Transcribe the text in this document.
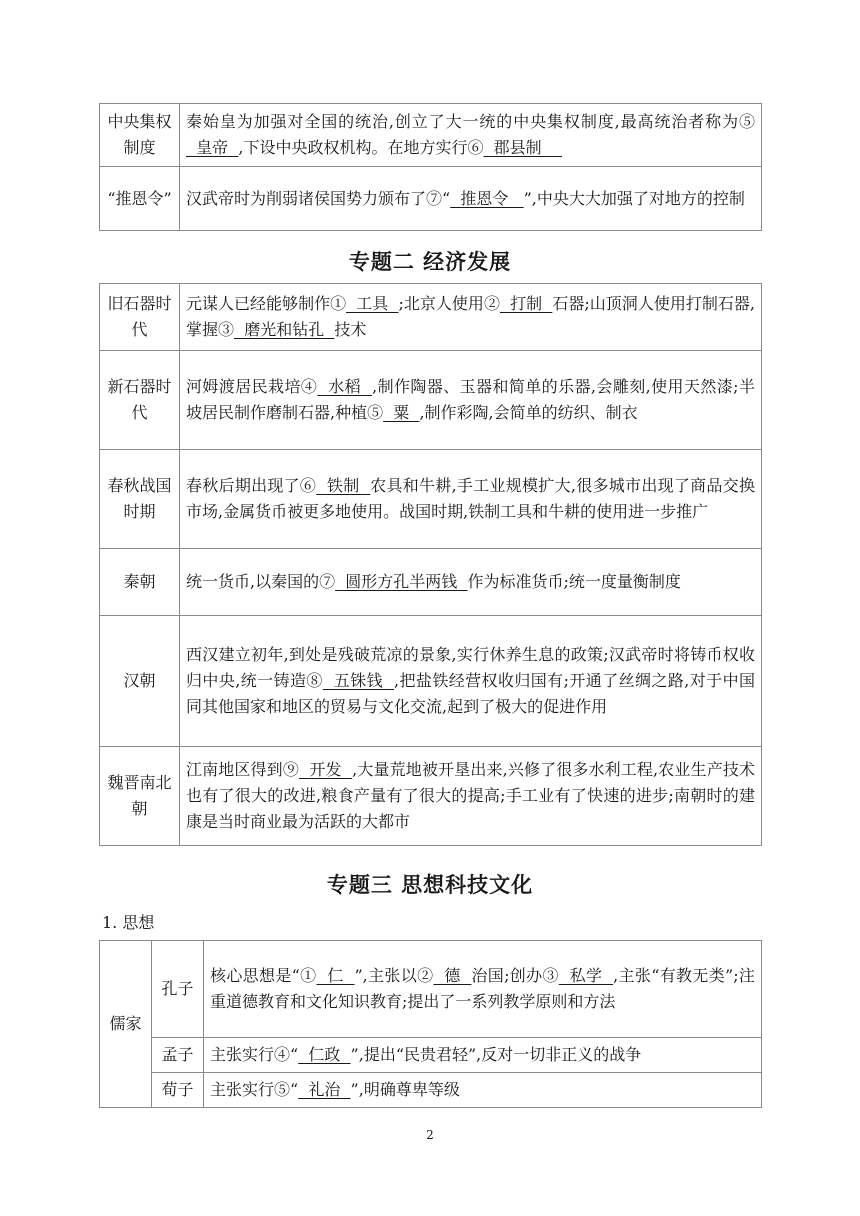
中央集权制度	秦始皇为加强对全国的统治,创立了大一统的中央集权制度,最高统治者称为⑤  皇帝  ,下设中央政权机构。在地方实行⑥  郡县制
“推恩令”	汉武帝时为削弱诸侯国势力颁布了⑦“  推恩令   ”,中央大大加强了对地方的控制
专题二 经济发展
旧石器时代	元谋人已经能够制作①  工具  ;北京人使用②  打制  石器;山顶洞人使用打制石器,掌握③  磨光和钻孔  技术
新石器时代	河姆渡居民栽培④  水稻  ,制作陶器、玉器和简单的乐器,会雕刻,使用天然漆;半坡居民制作磨制石器,种植⑤  粟  ,制作彩陶,会简单的纺织、制衣
春秋战国时期	春秋后期出现了⑥  铁制  农具和牛耕,手工业规模扩大,很多城市出现了商品交换市场,金属货币被更多地使用。战国时期,铁制工具和牛耕的使用进一步推广
秦朝	统一货币,以秦国的⑦  圆形方孔半两钱  作为标准货币;统一度量衡制度
汉朝	西汉建立初年,到处是残破荒凉的景象,实行休养生息的政策;汉武帝时将铸币权收归中央,统一铸造⑧  五铢钱  ,把盐铁经营权收归国有;开通了丝绸之路,对于中国同其他国家和地区的贸易与文化交流,起到了极大的促进作用
魏晋南北朝	江南地区得到⑨  开发  ,大量荒地被开垦出来,兴修了很多水利工程,农业生产技术也有了很大的改进,粮食产量有了很大的提高;手工业有了快速的进步;南朝时的建康是当时商业最为活跃的大都市
专题三 思想科技文化
1. 思想
儒家	孔子	核心思想是“①  仁  ”,主张以②  德  治国;创办③  私学  ,主张“有教无类”;注重道德教育和文化知识教育;提出了一系列教学原则和方法
	孟子	主张实行④“  仁政  ”,提出“民贵君轻”,反对一切非正义的战争
	荀子	主张实行⑤“  礼治  ”,明确尊卑等级
2
